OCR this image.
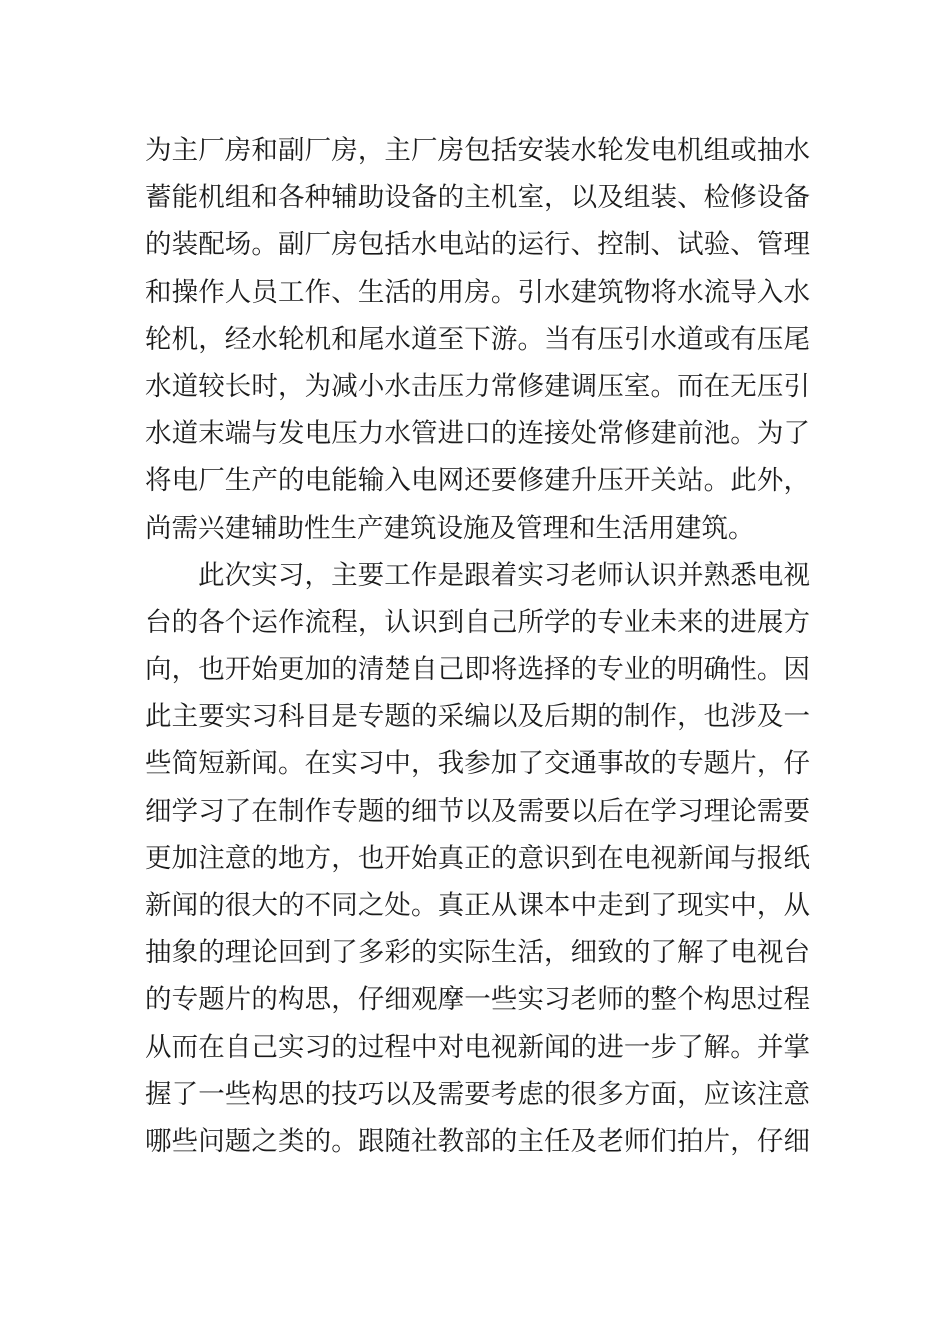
为主厂房和副厂房，主厂房包括安装水轮发电机组或抽水
蓄能机组和各种辅助设备的主机室，以及组装、检修设备
的装配场。副厂房包括水电站的运行、控制、试验、管理
和操作人员工作、生活的用房。引水建筑物将水流导入水
轮机，经水轮机和尾水道至下游。当有压引水道或有压尾
水道较长时，为减小水击压力常修建调压室。而在无压引
水道末端与发电压力水管进口的连接处常修建前池。为了
将电厂生产的电能输入电网还要修建升压开关站。此外，
尚需兴建辅助性生产建筑设施及管理和生活用建筑。
此次实习，主要工作是跟着实习老师认识并熟悉电视
台的各个运作流程，认识到自己所学的专业未来的进展方
向，也开始更加的清楚自己即将选择的专业的明确性。因
此主要实习科目是专题的采编以及后期的制作，也涉及一
些简短新闻。在实习中，我参加了交通事故的专题片，仔
细学习了在制作专题的细节以及需要以后在学习理论需要
更加注意的地方，也开始真正的意识到在电视新闻与报纸
新闻的很大的不同之处。真正从课本中走到了现实中，从
抽象的理论回到了多彩的实际生活，细致的了解了电视台
的专题片的构思，仔细观摩一些实习老师的整个构思过程
从而在自己实习的过程中对电视新闻的进一步了解。并掌
握了一些构思的技巧以及需要考虑的很多方面，应该注意
哪些问题之类的。跟随社教部的主任及老师们拍片，仔细
